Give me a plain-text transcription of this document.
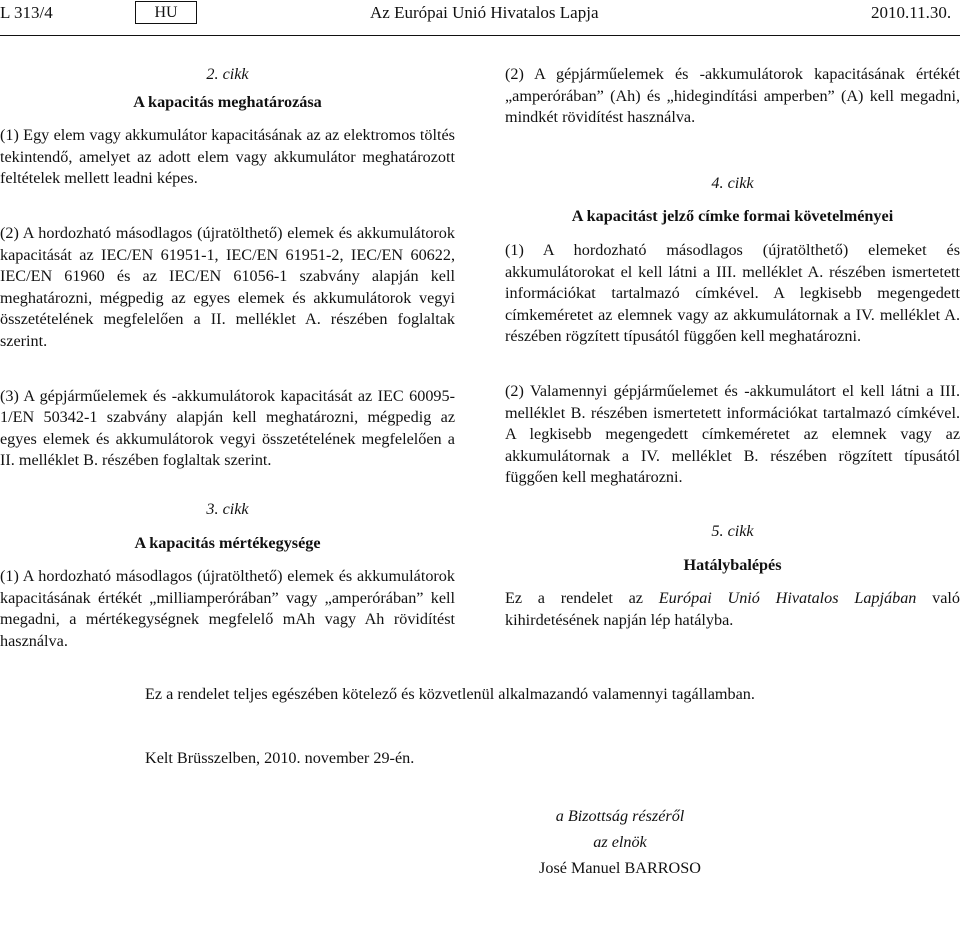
L 313/4	HU	Az Európai Unió Hivatalos Lapja	2010.11.30.

2. cikk

A kapacitás meghatározása

(1) Egy elem vagy akkumulátor kapacitásának az az elektromos töltés tekintendő, amelyet az adott elem vagy akkumulátor meghatározott feltételek mellett leadni képes.

(2) A hordozható másodlagos (újratölthető) elemek és akkumulátorok kapacitását az IEC/EN 61951-1, IEC/EN 61951-2, IEC/EN 60622, IEC/EN 61960 és az IEC/EN 61056-1 szabvány alapján kell meghatározni, mégpedig az egyes elemek és akkumulátorok vegyi összetételének megfelelően a II. melléklet A. részében foglaltak szerint.

(3) A gépjárműelemek és -akkumulátorok kapacitását az IEC 60095-1/EN 50342-1 szabvány alapján kell meghatározni, mégpedig az egyes elemek és akkumulátorok vegyi összetételének megfelelően a II. melléklet B. részében foglaltak szerint.

3. cikk

A kapacitás mértékegysége

(1) A hordozható másodlagos (újratölthető) elemek és akkumulátorok kapacitásának értékét „milliamperórában” vagy „amperórában” kell megadni, a mértékegységnek megfelelő mAh vagy Ah rövidítést használva.

(2) A gépjárműelemek és -akkumulátorok kapacitásának értékét „amperórában” (Ah) és „hidegindítási amperben” (A) kell megadni, mindkét rövidítést használva.

4. cikk

A kapacitást jelző címke formai követelményei

(1) A hordozható másodlagos (újratölthető) elemeket és akkumulátorokat el kell látni a III. melléklet A. részében ismertetett információkat tartalmazó címkével. A legkisebb megengedett címkeméretet az elemnek vagy az akkumulátornak a IV. melléklet A. részében rögzített típusától függően kell meghatározni.

(2) Valamennyi gépjárműelemet és -akkumulátort el kell látni a III. melléklet B. részében ismertetett információkat tartalmazó címkével. A legkisebb megengedett címkeméretet az elemnek vagy az akkumulátornak a IV. melléklet B. részében rögzített típusától függően kell meghatározni.

5. cikk

Hatálybalépés

Ez a rendelet az Európai Unió Hivatalos Lapjában való kihirdetésének napján lép hatályba.

Ez a rendelet teljes egészében kötelező és közvetlenül alkalmazandó valamennyi tagállamban.

Kelt Brüsszelben, 2010. november 29-én.

a Bizottság részéről

az elnök

José Manuel BARROSO
